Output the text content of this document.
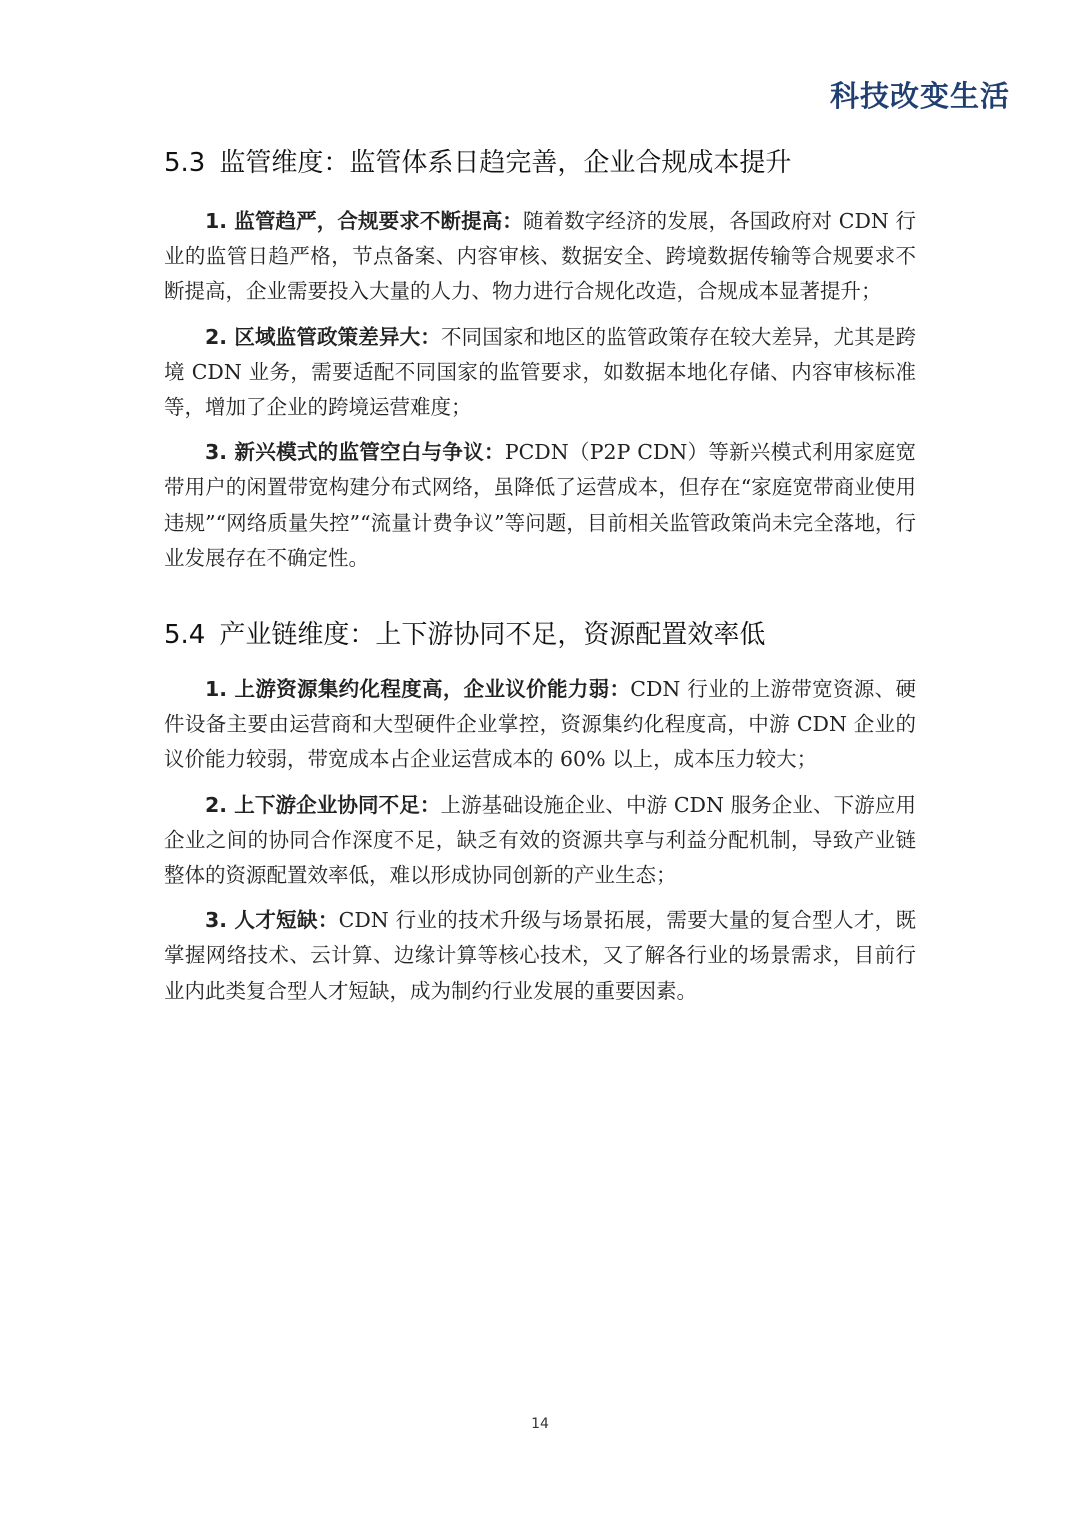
科技改变生活
5.3 监管维度：监管体系日趋完善，企业合规成本提升

1. 监管趋严，合规要求不断提高：随着数字经济的发展，各国政府对 CDN 行业的监管日趋严格，节点备案、内容审核、数据安全、跨境数据传输等合规要求不断提高，企业需要投入大量的人力、物力进行合规化改造，合规成本显著提升；

2. 区域监管政策差异大：不同国家和地区的监管政策存在较大差异，尤其是跨境 CDN 业务，需要适配不同国家的监管要求，如数据本地化存储、内容审核标准等，增加了企业的跨境运营难度；

3. 新兴模式的监管空白与争议：PCDN（P2P CDN）等新兴模式利用家庭宽带用户的闲置带宽构建分布式网络，虽降低了运营成本，但存在“家庭宽带商业使用违规”“网络质量失控”“流量计费争议”等问题，目前相关监管政策尚未完全落地，行业发展存在不确定性。

5.4 产业链维度：上下游协同不足，资源配置效率低

1. 上游资源集约化程度高，企业议价能力弱：CDN 行业的上游带宽资源、硬件设备主要由运营商和大型硬件企业掌控，资源集约化程度高，中游 CDN 企业的议价能力较弱，带宽成本占企业运营成本的 60% 以上，成本压力较大；

2. 上下游企业协同不足：上游基础设施企业、中游 CDN 服务企业、下游应用企业之间的协同合作深度不足，缺乏有效的资源共享与利益分配机制，导致产业链整体的资源配置效率低，难以形成协同创新的产业生态；

3. 人才短缺：CDN 行业的技术升级与场景拓展，需要大量的复合型人才，既掌握网络技术、云计算、边缘计算等核心技术，又了解各行业的场景需求，目前行业内此类复合型人才短缺，成为制约行业发展的重要因素。

14
